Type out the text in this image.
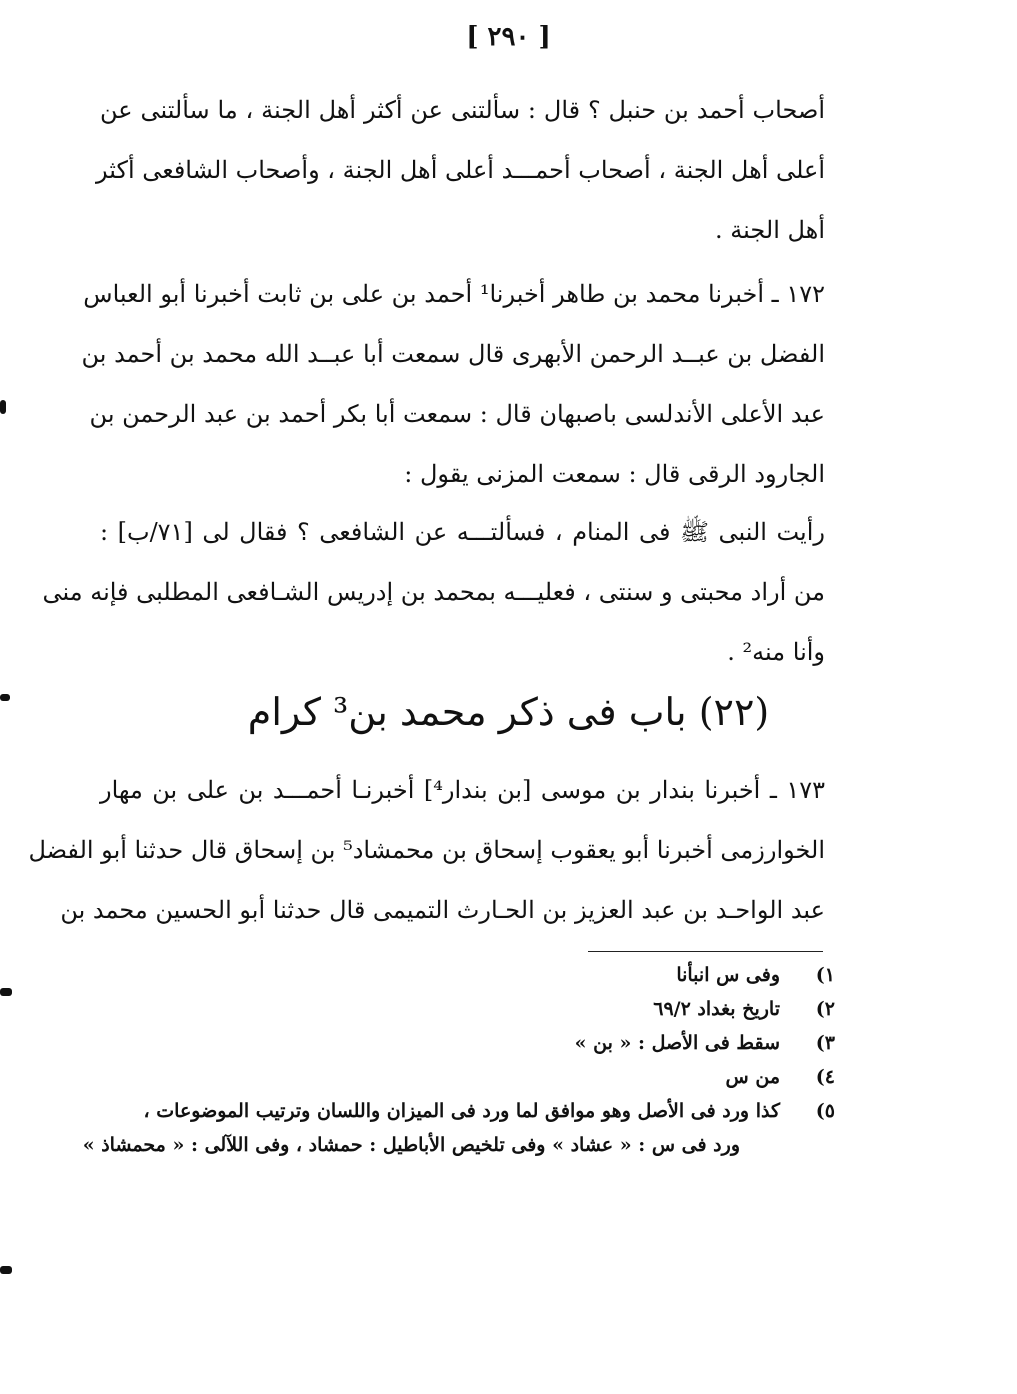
[ ٢٩٠ ]
أصحاب أحمد بن حنبل ؟ قال : سألتنى عن أكثر أهل الجنة ، ما سألتنى عن
أعلى أهل الجنة ، أصحاب أحمـــد أعلى أهل الجنة ، وأصحاب الشافعى أكثر
أهل الجنة .
١٧٢ ـ أخبرنا محمد بن طاهر أخبرنا¹ أحمد بن على بن ثابت أخبرنا أبو العباس
الفضل بن عبــد الرحمن الأبهرى قال سمعت أبا عبــد الله محمد بن أحمد بن
عبد الأعلى الأندلسى باصبهان قال : سمعت أبا بكر أحمد بن عبد الرحمن بن
الجارود الرقى قال : سمعت المزنى يقول :
رأيت النبى ﷺ فى المنام ، فسألتـــه عن الشافعى ؟ فقال لى [٧١/ب] :
من أراد محبتى و سنتى ، فعليـــه بمحمد بن إدريس الشـافعى المطلبى فإنه منى
وأنا منه² .
(٢٢) باب فى ذكر محمد بن³ كرام
١٧٣ ـ أخبرنا بندار بن موسى [بن بندار⁴] أخبرنـا أحمـــد بن على بن مهار
الخوارزمى أخبرنا أبو يعقوب إسحاق بن محمشاد⁵ بن إسحاق قال حدثنا أبو الفضل
عبد الواحـد بن عبد العزيز بن الحـارث التميمى قال حدثنا أبو الحسين محمد بن
١)
وفى س انبأنا
٢)
تاريخ بغداد ٦٩/٢
٣)
سقط فى الأصل : « بن »
٤)
من س
٥)
كذا ورد فى الأصل وهو موافق لما ورد فى الميزان واللسان وترتيب الموضوعات ،
ورد فى س : « عشاد » وفى تلخيص الأباطيل : حمشاد ، وفى اللآلى : « محمشاذ »
